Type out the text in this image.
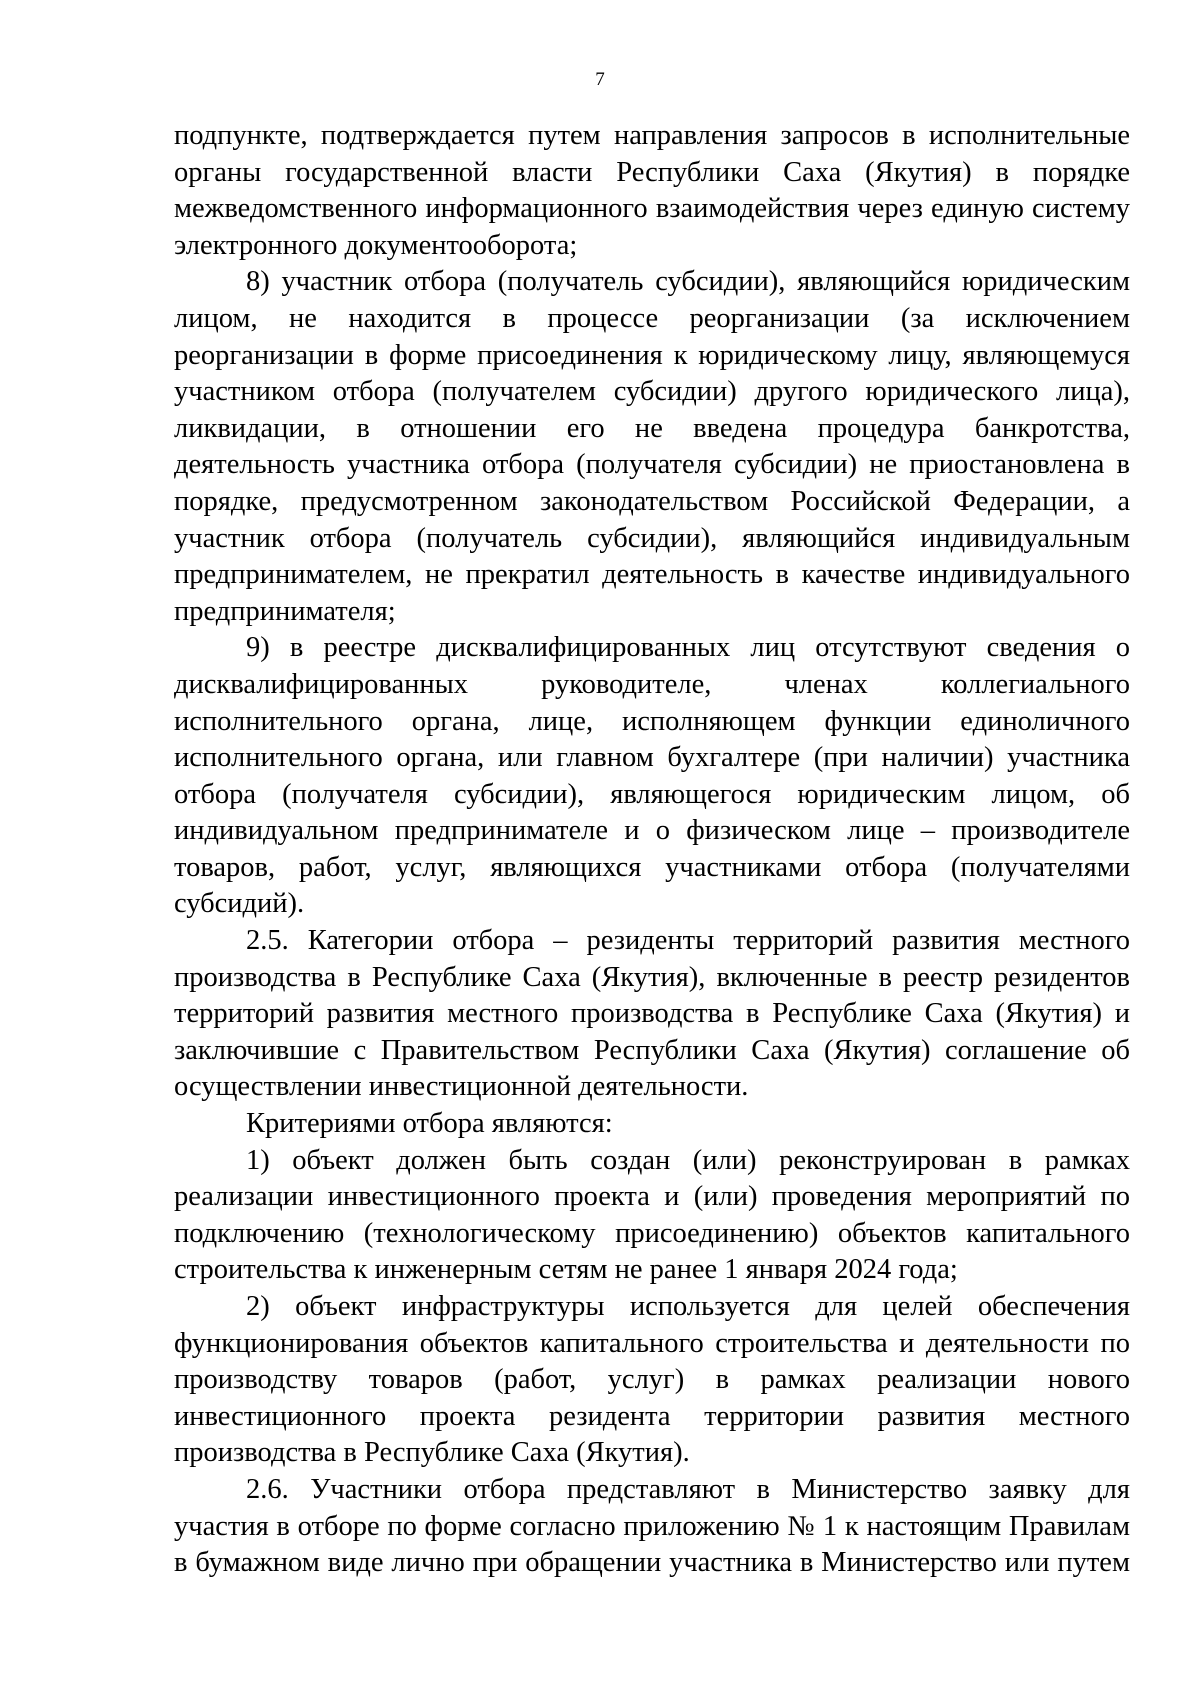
7

подпункте, подтверждается путем направления запросов в исполнительные органы государственной власти Республики Саха (Якутия) в порядке межведомственного информационного взаимодействия через единую систему электронного документооборота;

8) участник отбора (получатель субсидии), являющийся юридическим лицом, не находится в процессе реорганизации (за исключением реорганизации в форме присоединения к юридическому лицу, являющемуся участником отбора (получателем субсидии) другого юридического лица), ликвидации, в отношении его не введена процедура банкротства, деятельность участника отбора (получателя субсидии) не приостановлена в порядке, предусмотренном законодательством Российской Федерации, а участник отбора (получатель субсидии), являющийся индивидуальным предпринимателем, не прекратил деятельность в качестве индивидуального предпринимателя;

9) в реестре дисквалифицированных лиц отсутствуют сведения о дисквалифицированных руководителе, членах коллегиального исполнительного органа, лице, исполняющем функции единоличного исполнительного органа, или главном бухгалтере (при наличии) участника отбора (получателя субсидии), являющегося юридическим лицом, об индивидуальном предпринимателе и о физическом лице – производителе товаров, работ, услуг, являющихся участниками отбора (получателями субсидий).

2.5. Категории отбора – резиденты территорий развития местного производства в Республике Саха (Якутия), включенные в реестр резидентов территорий развития местного производства в Республике Саха (Якутия) и заключившие с Правительством Республики Саха (Якутия) соглашение об осуществлении инвестиционной деятельности.

Критериями отбора являются:

1) объект должен быть создан (или) реконструирован в рамках реализации инвестиционного проекта и (или) проведения мероприятий по подключению (технологическому присоединению) объектов капитального строительства к инженерным сетям не ранее 1 января 2024 года;

2) объект инфраструктуры используется для целей обеспечения функционирования объектов капитального строительства и деятельности по производству товаров (работ, услуг) в рамках реализации нового инвестиционного проекта резидента территории развития местного производства в Республике Саха (Якутия).

2.6. Участники отбора представляют в Министерство заявку для участия в отборе по форме согласно приложению № 1 к настоящим Правилам в бумажном виде лично при обращении участника в Министерство или путем
